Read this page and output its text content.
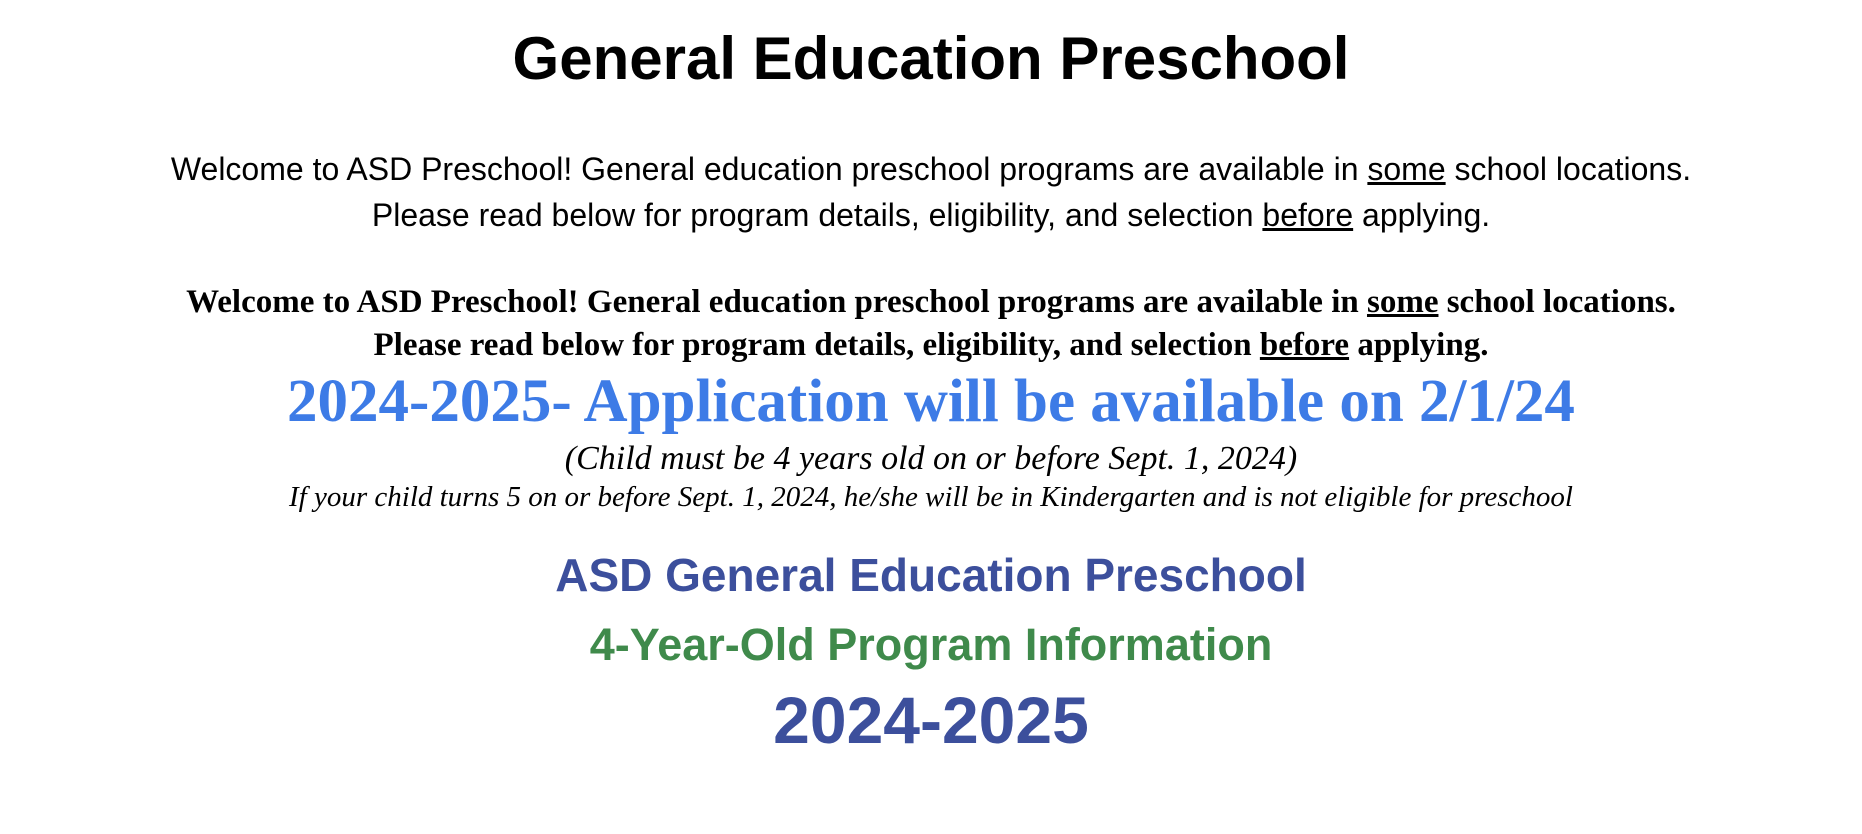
General Education Preschool
Welcome to ASD Preschool! General education preschool programs are available in some school locations.
Please read below for program details, eligibility, and selection before applying.
Welcome to ASD Preschool! General education preschool programs are available in some school locations.
Please read below for program details, eligibility, and selection before applying.
2024-2025- Application will be available on 2/1/24
(Child must be 4 years old on or before Sept. 1, 2024)
If your child turns 5 on or before Sept. 1, 2024, he/she will be in Kindergarten and is not eligible for preschool
ASD General Education Preschool
4-Year-Old Program Information
2024-2025
